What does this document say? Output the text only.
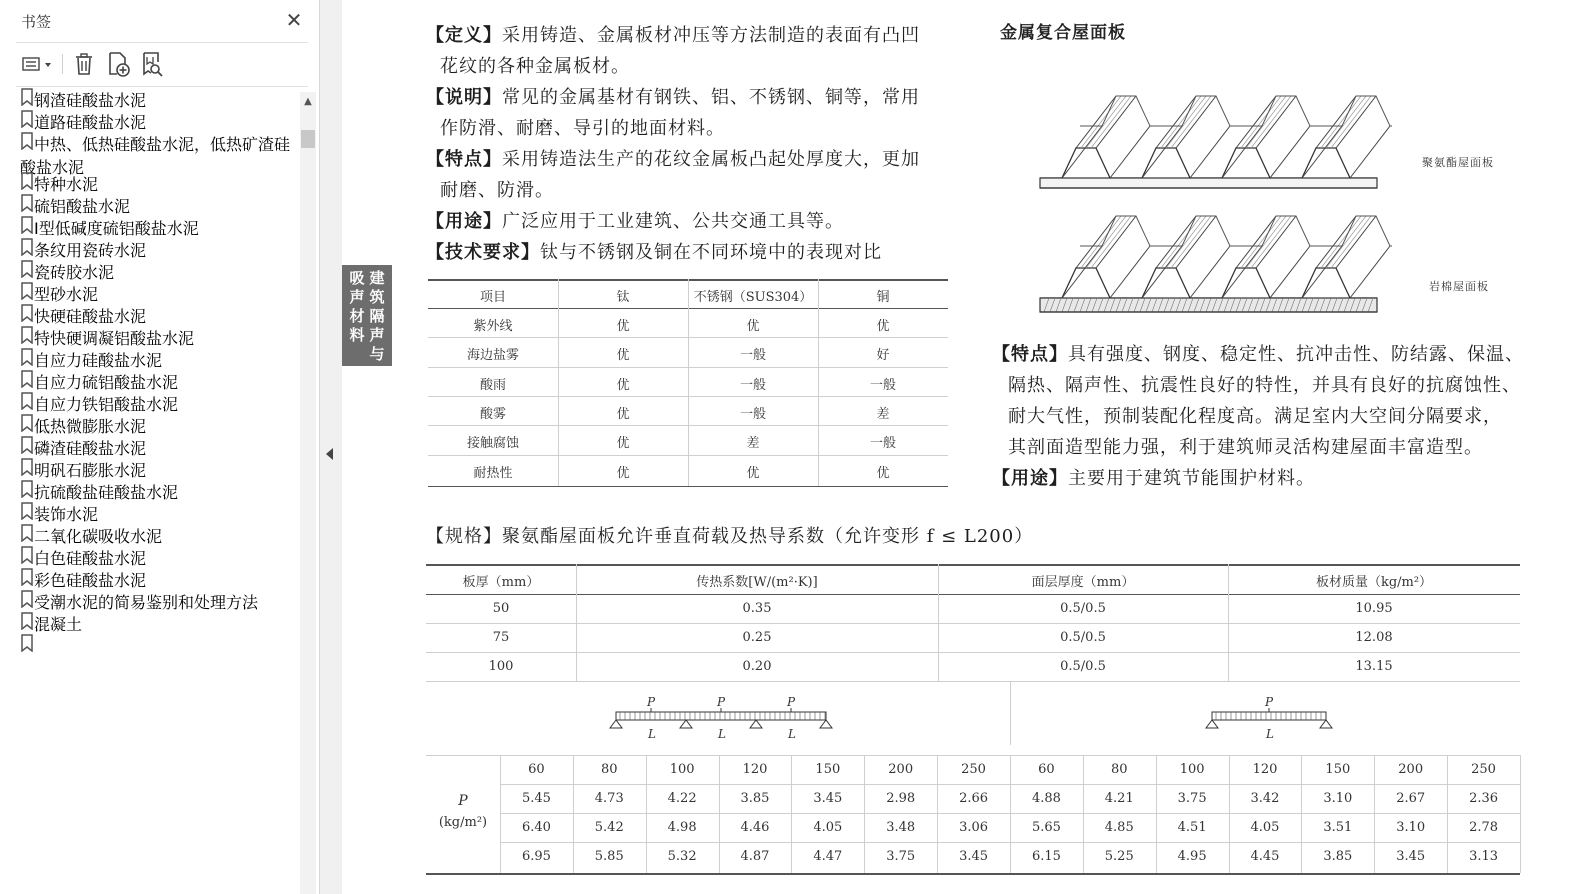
书签	✕
钢渣硅酸盐水泥
道路硅酸盐水泥
中热、低热硅酸盐水泥，低热矿渣硅酸盐水泥
特种水泥
硫铝酸盐水泥
I型低碱度硫铝酸盐水泥
条纹用瓷砖水泥
瓷砖胶水泥
型砂水泥
快硬硅酸盐水泥
特快硬调凝铝酸盐水泥
自应力硅酸盐水泥
自应力硫铝酸盐水泥
自应力铁铝酸盐水泥
低热微膨胀水泥
磷渣硅酸盐水泥
明矾石膨胀水泥
抗硫酸盐硅酸盐水泥
装饰水泥
二氧化碳吸收水泥
白色硅酸盐水泥
彩色硅酸盐水泥
受潮水泥的简易鉴别和处理方法
混凝土
▲
建筑隔声与
吸声材料
【定义】采用铸造、金属板材冲压等方法制造的表面有凸凹
花纹的各种金属板材。
【说明】常见的金属基材有钢铁、铝、不锈钢、铜等，常用
作防滑、耐磨、导引的地面材料。
【特点】采用铸造法生产的花纹金属板凸起处厚度大，更加
耐磨、防滑。
【用途】广泛应用于工业建筑、公共交通工具等。
【技术要求】钛与不锈钢及铜在不同环境中的表现对比
项目	钛	不锈钢（SUS304）	铜
紫外线	优	优	优
海边盐雾	优	一般	好
酸雨	优	一般	一般
酸雾	优	一般	差
接触腐蚀	优	差	一般
耐热性	优	优	优
金属复合屋面板
聚氨酯屋面板
岩棉屋面板
【特点】具有强度、钢度、稳定性、抗冲击性、防结露、保温、
隔热、隔声性、抗震性良好的特性，并具有良好的抗腐蚀性、
耐大气性，预制装配化程度高。满足室内大空间分隔要求，
其剖面造型能力强，利于建筑师灵活构建屋面丰富造型。
【用途】主要用于建筑节能围护材料。
【规格】聚氨酯屋面板允许垂直荷载及热导系数（允许变形 f ≤ L200）
板厚（mm）	传热系数[W/(m²·K)]	面层厚度（mm）	板材质量（kg/m²）
50	0.35	0.5/0.5	10.95
75	0.25	0.5/0.5	12.08
100	0.20	0.5/0.5	13.15
L	L	L
P	P	P
L
P
P
(kg/m²)
60	80	100	120	150	200	250	60	80	100	120	150	200	250
5.45	4.73	4.22	3.85	3.45	2.98	2.66	4.88	4.21	3.75	3.42	3.10	2.67	2.36
6.40	5.42	4.98	4.46	4.05	3.48	3.06	5.65	4.85	4.51	4.05	3.51	3.10	2.78
6.95	5.85	5.32	4.87	4.47	3.75	3.45	6.15	5.25	4.95	4.45	3.85	3.45	3.13
